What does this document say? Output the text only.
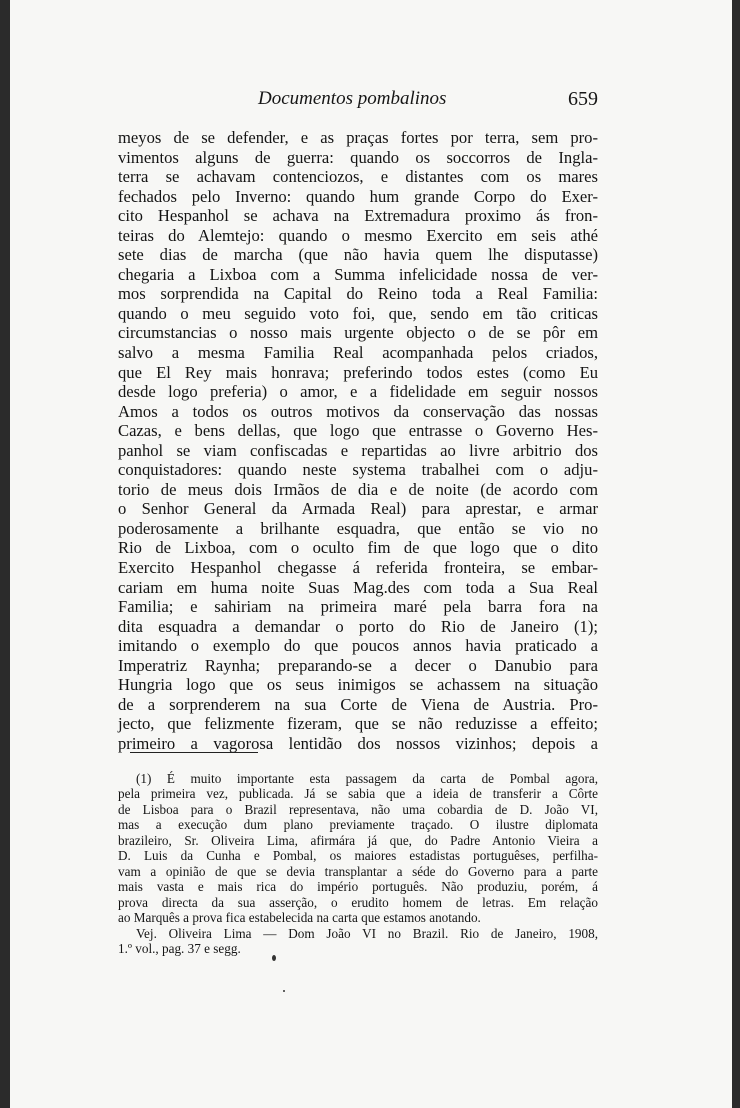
Documentos pombalinos	659
meyos de se defender, e as praças fortes por terra, sem pro-
vimentos alguns de guerra: quando os soccorros de Ingla-
terra se achavam contenciozos, e distantes com os mares
fechados pelo Inverno: quando hum grande Corpo do Exer-
cito Hespanhol se achava na Extremadura proximo ás fron-
teiras do Alemtejo: quando o mesmo Exercito em seis athé
sete dias de marcha (que não havia quem lhe disputasse)
chegaria a Lixboa com a Summa infelicidade nossa de ver-
mos sorprendida na Capital do Reino toda a Real Familia:
quando o meu seguido voto foi, que, sendo em tão criticas
circumstancias o nosso mais urgente objecto o de se pôr em
salvo a mesma Familia Real acompanhada pelos criados,
que El Rey mais honrava; preferindo todos estes (como Eu
desde logo preferia) o amor, e a fidelidade em seguir nossos
Amos a todos os outros motivos da conservação das nossas
Cazas, e bens dellas, que logo que entrasse o Governo Hes-
panhol se viam confiscadas e repartidas ao livre arbitrio dos
conquistadores: quando neste systema trabalhei com o adju-
torio de meus dois Irmãos de dia e de noite (de acordo com
o Senhor General da Armada Real) para aprestar, e armar
poderosamente a brilhante esquadra, que então se vio no
Rio de Lixboa, com o oculto fim de que logo que o dito
Exercito Hespanhol chegasse á referida fronteira, se embar-
cariam em huma noite Suas Mag.des com toda a Sua Real
Familia; e sahiriam na primeira maré pela barra fora na
dita esquadra a demandar o porto do Rio de Janeiro (1);
imitando o exemplo do que poucos annos havia praticado a
Imperatriz Raynha; preparando-se a decer o Danubio para
Hungria logo que os seus inimigos se achassem na situação
de a sorprenderem na sua Corte de Viena de Austria. Pro-
jecto, que felizmente fizeram, que se não reduzisse a effeito;
primeiro a vagorosa lentidão dos nossos vizinhos; depois a
(1) É muito importante esta passagem da carta de Pombal agora,
pela primeira vez, publicada. Já se sabia que a ideia de transferir a Côrte
de Lisboa para o Brazil representava, não uma cobardia de D. João VI,
mas a execução dum plano previamente traçado. O ilustre diplomata
brazileiro, Sr. Oliveira Lima, afirmára já que, do Padre Antonio Vieira a
D. Luis da Cunha e Pombal, os maiores estadistas portuguêses, perfilha-
vam a opinião de que se devia transplantar a séde do Governo para a parte
mais vasta e mais rica do império português. Não produziu, porém, á
prova directa da sua asserção, o erudito homem de letras. Em relação
ao Marquês a prova fica estabelecida na carta que estamos anotando.
Vej. Oliveira Lima — Dom João VI no Brazil. Rio de Janeiro, 1908,
1.º vol., pag. 37 e segg.
